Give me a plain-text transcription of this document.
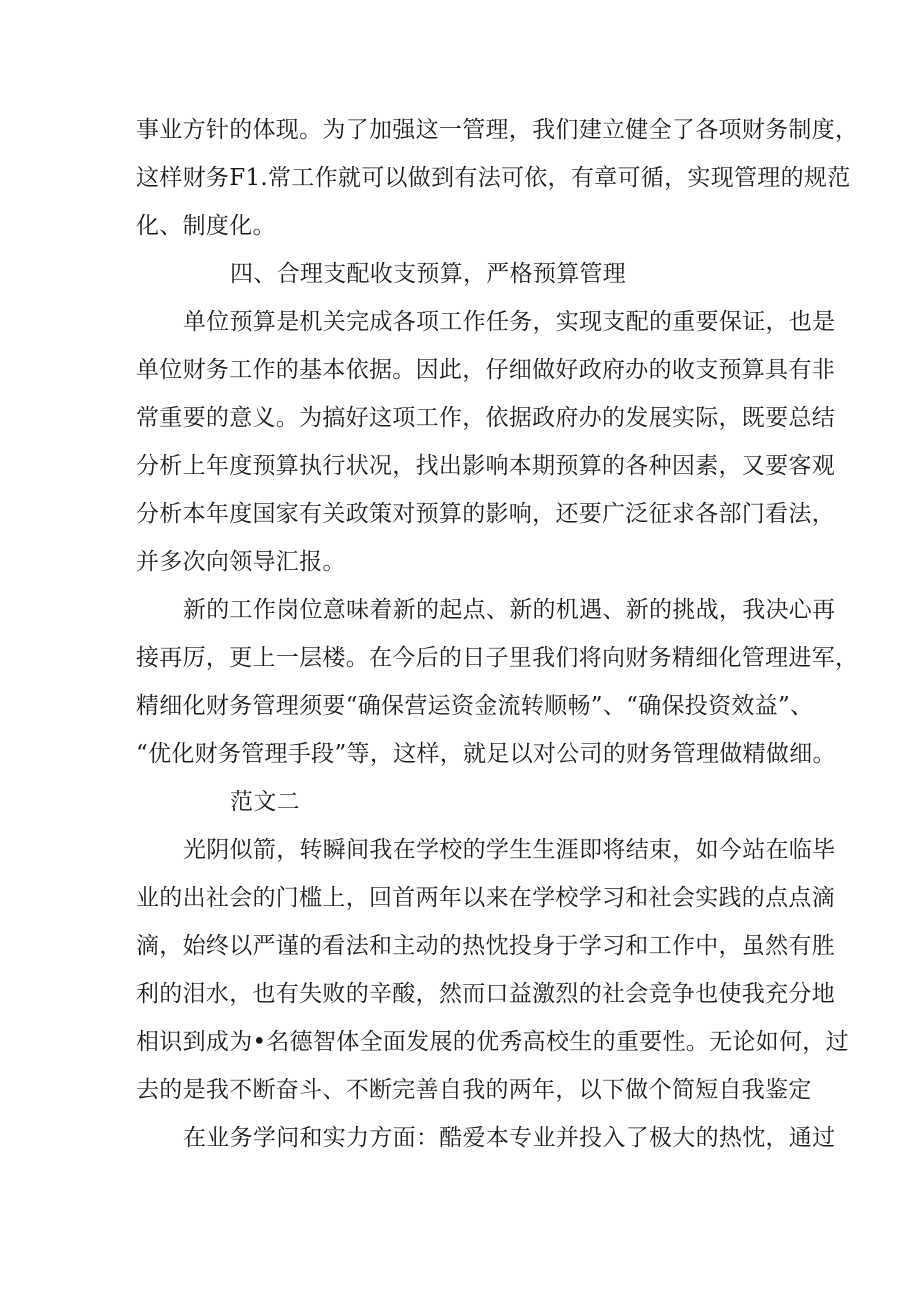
事业方针的体现。为了加强这一管理，我们建立健全了各项财务制度，
这样财务F1.常工作就可以做到有法可依，有章可循，实现管理的规范
化、制度化。
四、合理支配收支预算，严格预算管理
单位预算是机关完成各项工作任务，实现支配的重要保证，也是
单位财务工作的基本依据。因此，仔细做好政府办的收支预算具有非
常重要的意义。为搞好这项工作，依据政府办的发展实际，既要总结
分析上年度预算执行状况，找出影响本期预算的各种因素，又要客观
分析本年度国家有关政策对预算的影响，还要广泛征求各部门看法，
并多次向领导汇报。
新的工作岗位意味着新的起点、新的机遇、新的挑战，我决心再
接再厉，更上一层楼。在今后的日子里我们将向财务精细化管理进军，
精细化财务管理须要“确保营运资金流转顺畅”、“确保投资效益”、
“优化财务管理手段”等，这样，就足以对公司的财务管理做精做细。
范文二
光阴似箭，转瞬间我在学校的学生生涯即将结束，如今站在临毕
业的出社会的门槛上，回首两年以来在学校学习和社会实践的点点滴
滴，始终以严谨的看法和主动的热忱投身于学习和工作中，虽然有胜
利的泪水，也有失败的辛酸，然而口益激烈的社会竞争也使我充分地
相识到成为•名德智体全面发展的优秀高校生的重要性。无论如何，过
去的是我不断奋斗、不断完善自我的两年，以下做个简短自我鉴定
在业务学问和实力方面：酷爱本专业并投入了极大的热忱，通过
